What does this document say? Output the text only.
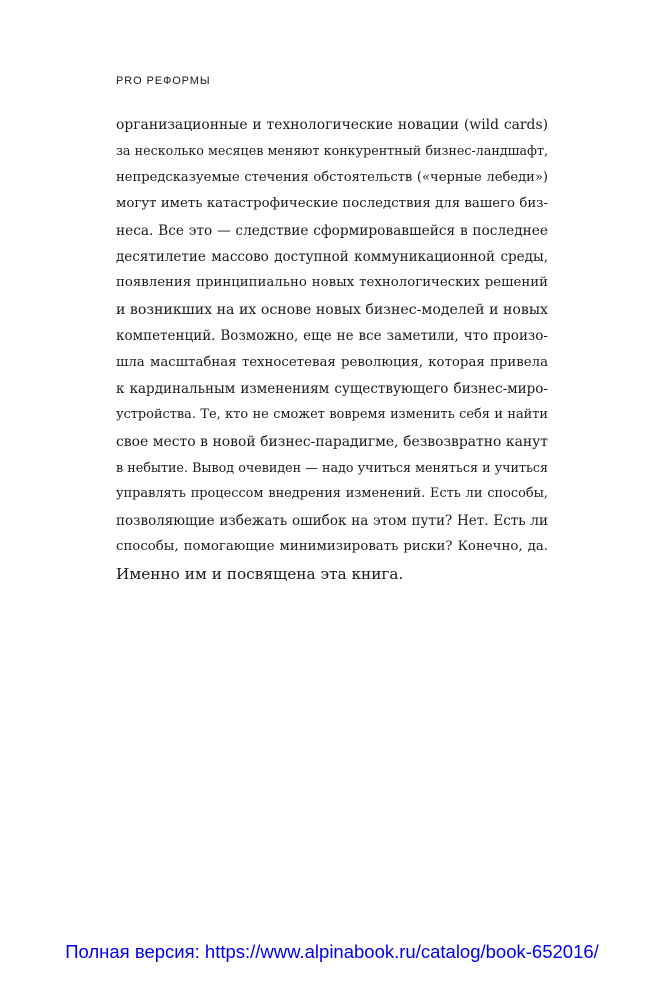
PRO РЕФОРМЫ
организационные и технологические новации (wild cards)
за несколько месяцев меняют конкурентный бизнес-ландшафт,
непредсказуемые стечения обстоятельств («черные лебеди»)
могут иметь катастрофические последствия для вашего биз-
неса. Все это — следствие сформировавшейся в последнее
десятилетие массово доступной коммуникационной среды,
появления принципиально новых технологических решений
и возникших на их основе новых бизнес-моделей и новых
компетенций. Возможно, еще не все заметили, что произо-
шла масштабная техносетевая революция, которая привела
к кардинальным изменениям существующего бизнес-миро-
устройства. Те, кто не сможет вовремя изменить себя и найти
свое место в новой бизнес-парадигме, безвозвратно канут
в небытие. Вывод очевиден — надо учиться меняться и учиться
управлять процессом внедрения изменений. Есть ли способы,
позволяющие избежать ошибок на этом пути? Нет. Есть ли
способы, помогающие минимизировать риски? Конечно, да.
Именно им и посвящена эта книга.
Полная версия: https://www.alpinabook.ru/catalog/book-652016/
